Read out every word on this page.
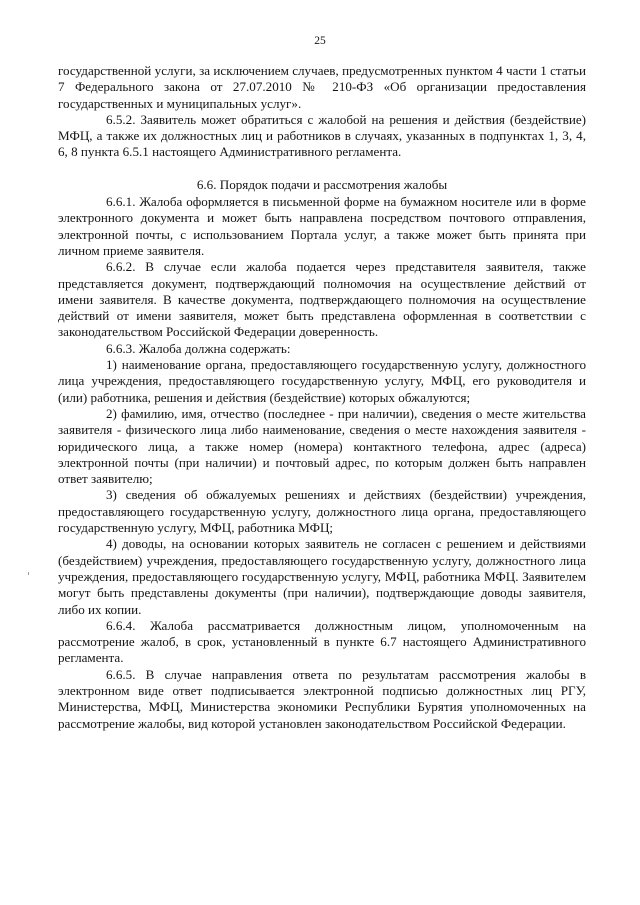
25

государственной услуги, за исключением случаев, предусмотренных пунктом 4 части 1 статьи 7 Федерального закона от 27.07.2010 № 210-ФЗ «Об организации предоставления государственных и муниципальных услуг».

6.5.2. Заявитель может обратиться с жалобой на решения и действия (бездействие) МФЦ, а также их должностных лиц и работников в случаях, указанных в подпунктах 1, 3, 4, 6, 8 пункта 6.5.1 настоящего Административного регламента.

6.6. Порядок подачи и рассмотрения жалобы

6.6.1. Жалоба оформляется в письменной форме на бумажном носителе или в форме электронного документа и может быть направлена посредством почтового отправления, электронной почты, с использованием Портала услуг, а также может быть принята при личном приеме заявителя.

6.6.2. В случае если жалоба подается через представителя заявителя, также представляется документ, подтверждающий полномочия на осуществление действий от имени заявителя. В качестве документа, подтверждающего полномочия на осуществление действий от имени заявителя, может быть представлена оформленная в соответствии с законодательством Российской Федерации доверенность.

6.6.3. Жалоба должна содержать:

1) наименование органа, предоставляющего государственную услугу, должностного лица учреждения, предоставляющего государственную услугу, МФЦ, его руководителя и (или) работника, решения и действия (бездействие) которых обжалуются;

2) фамилию, имя, отчество (последнее - при наличии), сведения о месте жительства заявителя - физического лица либо наименование, сведения о месте нахождения заявителя - юридического лица, а также номер (номера) контактного телефона, адрес (адреса) электронной почты (при наличии) и почтовый адрес, по которым должен быть направлен ответ заявителю;

3) сведения об обжалуемых решениях и действиях (бездействии) учреждения, предоставляющего государственную услугу, должностного лица органа, предоставляющего государственную услугу, МФЦ, работника МФЦ;

4) доводы, на основании которых заявитель не согласен с решением и действиями (бездействием) учреждения, предоставляющего государственную услугу, должностного лица учреждения, предоставляющего государственную услугу, МФЦ, работника МФЦ. Заявителем могут быть представлены документы (при наличии), подтверждающие доводы заявителя, либо их копии.

6.6.4. Жалоба рассматривается должностным лицом, уполномоченным на рассмотрение жалоб, в срок, установленный в пункте 6.7 настоящего Административного регламента.

6.6.5. В случае направления ответа по результатам рассмотрения жалобы в электронном виде ответ подписывается электронной подписью должностных лиц РГУ, Министерства, МФЦ, Министерства экономики Республики Бурятия уполномоченных на рассмотрение жалобы, вид которой установлен законодательством Российской Федерации.
